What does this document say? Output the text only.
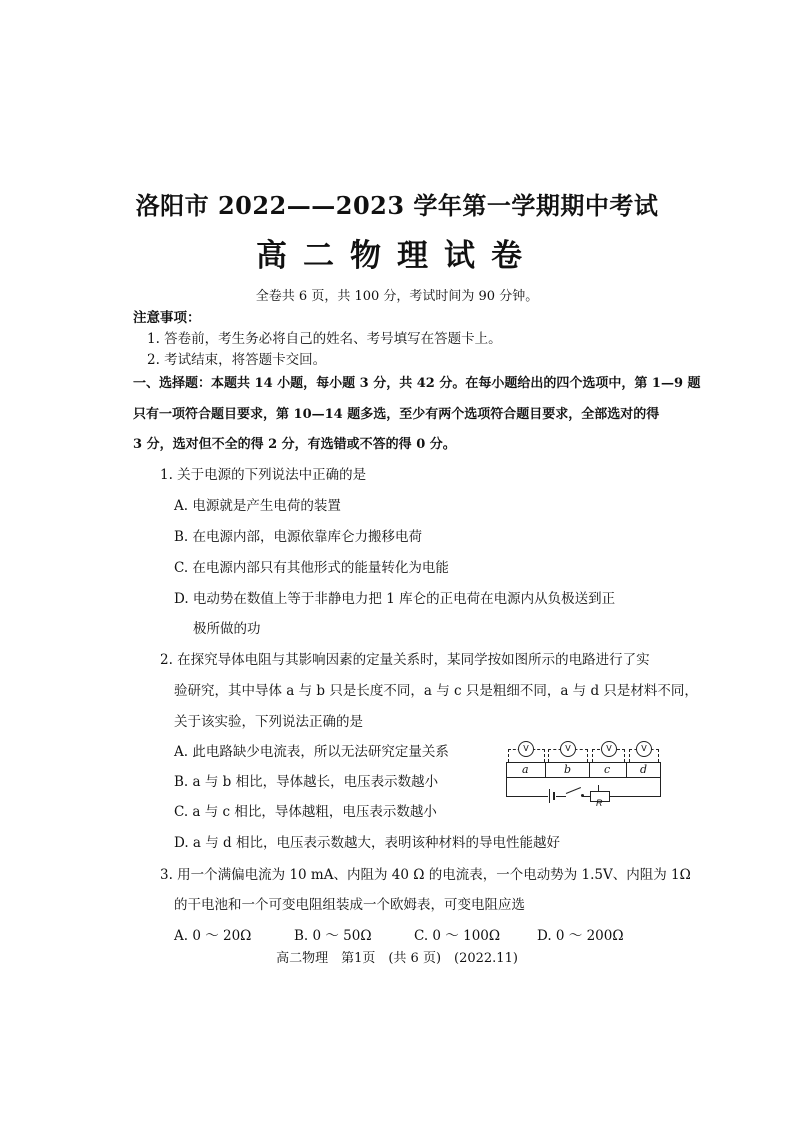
洛阳市 2022——2023 学年第一学期期中考试
高二物理试卷
全卷共 6 页，共 100 分，考试时间为 90 分钟。
注意事项：
1. 答卷前，考生务必将自己的姓名、考号填写在答题卡上。
2. 考试结束，将答题卡交回。
一、选择题：本题共 14 小题，每小题 3 分，共 42 分。在每小题给出的四个选项中，第 1—9 题
只有一项符合题目要求，第 10—14 题多选，至少有两个选项符合题目要求，全部选对的得
3 分，选对但不全的得 2 分，有选错或不答的得 0 分。
1. 关于电源的下列说法中正确的是
A. 电源就是产生电荷的装置
B. 在电源内部，电源依靠库仑力搬移电荷
C. 在电源内部只有其他形式的能量转化为电能
D. 电动势在数值上等于非静电力把 1 库仑的正电荷在电源内从负极送到正
极所做的功
2. 在探究导体电阻与其影响因素的定量关系时，某同学按如图所示的电路进行了实
验研究，其中导体 a 与 b 只是长度不同，a 与 c 只是粗细不同，a 与 d 只是材料不同，
关于该实验，下列说法正确的是
A. 此电路缺少电流表，所以无法研究定量关系
B. a 与 b 相比，导体越长，电压表示数越小
C. a 与 c 相比，导体越粗，电压表示数越小
D. a 与 d 相比，电压表示数越大，表明该种材料的导电性能越好
a	b	c	d
V	V	V	V
R
3. 用一个满偏电流为 10 mA、内阻为 40 Ω 的电流表，一个电动势为 1.5V、内阻为 1Ω
的干电池和一个可变电阻组装成一个欧姆表，可变电阻应选
A. 0 ～ 20Ω	B. 0 ～ 50Ω	C. 0 ～ 100Ω	D. 0 ～ 200Ω
高二物理　第1页　(共 6 页)　(2022.11)
